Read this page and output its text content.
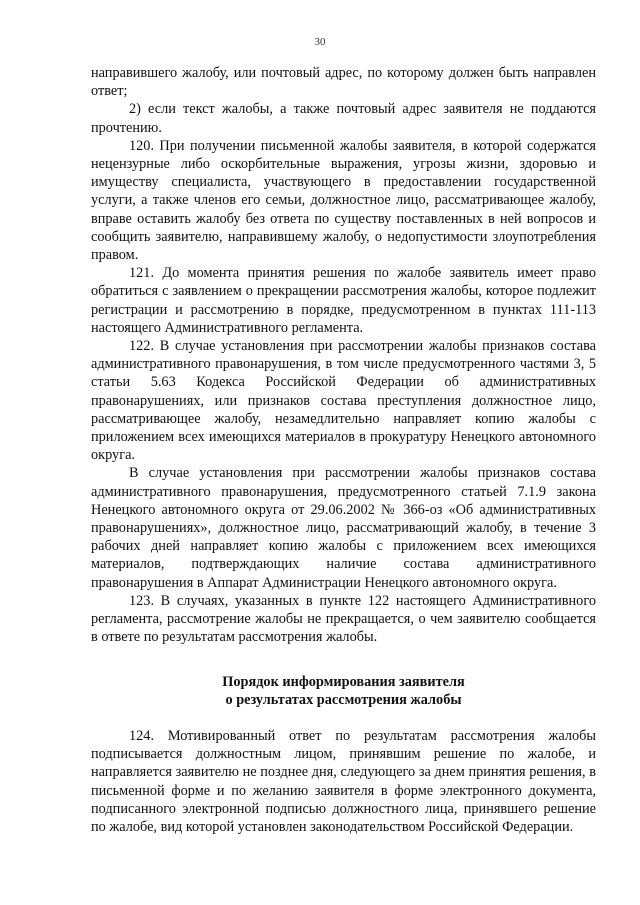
30

направившего жалобу, или почтовый адрес, по которому должен быть направлен ответ;

2) если текст жалобы, а также почтовый адрес заявителя не поддаются прочтению.

120. При получении письменной жалобы заявителя, в которой содержатся нецензурные либо оскорбительные выражения, угрозы жизни, здоровью и имуществу специалиста, участвующего в предоставлении государственной услуги, а также членов его семьи, должностное лицо, рассматривающее жалобу, вправе оставить жалобу без ответа по существу поставленных в ней вопросов и сообщить заявителю, направившему жалобу, о недопустимости злоупотребления правом.

121. До момента принятия решения по жалобе заявитель имеет право обратиться с заявлением о прекращении рассмотрения жалобы, которое подлежит регистрации и рассмотрению в порядке, предусмотренном в пунктах 111-113 настоящего Административного регламента.

122. В случае установления при рассмотрении жалобы признаков состава административного правонарушения, в том числе предусмотренного частями 3, 5 статьи 5.63 Кодекса Российской Федерации об административных правонарушениях, или признаков состава преступления должностное лицо, рассматривающее жалобу, незамедлительно направляет копию жалобы с приложением всех имеющихся материалов в прокуратуру Ненецкого автономного округа.

В случае установления при рассмотрении жалобы признаков состава административного правонарушения, предусмотренного статьей 7.1.9 закона Ненецкого автономного округа от 29.06.2002 № 366-оз «Об административных правонарушениях», должностное лицо, рассматривающий жалобу, в течение 3 рабочих дней направляет копию жалобы с приложением всех имеющихся материалов, подтверждающих наличие состава административного правонарушения в Аппарат Администрации Ненецкого автономного округа.

123. В случаях, указанных в пункте 122 настоящего Административного регламента, рассмотрение жалобы не прекращается, о чем заявителю сообщается в ответе по результатам рассмотрения жалобы.

Порядок информирования заявителя
о результатах рассмотрения жалобы

124. Мотивированный ответ по результатам рассмотрения жалобы подписывается должностным лицом, принявшим решение по жалобе, и направляется заявителю не позднее дня, следующего за днем принятия решения, в письменной форме и по желанию заявителя в форме электронного документа, подписанного электронной подписью должностного лица, принявшего решение по жалобе, вид которой установлен законодательством Российской Федерации.
